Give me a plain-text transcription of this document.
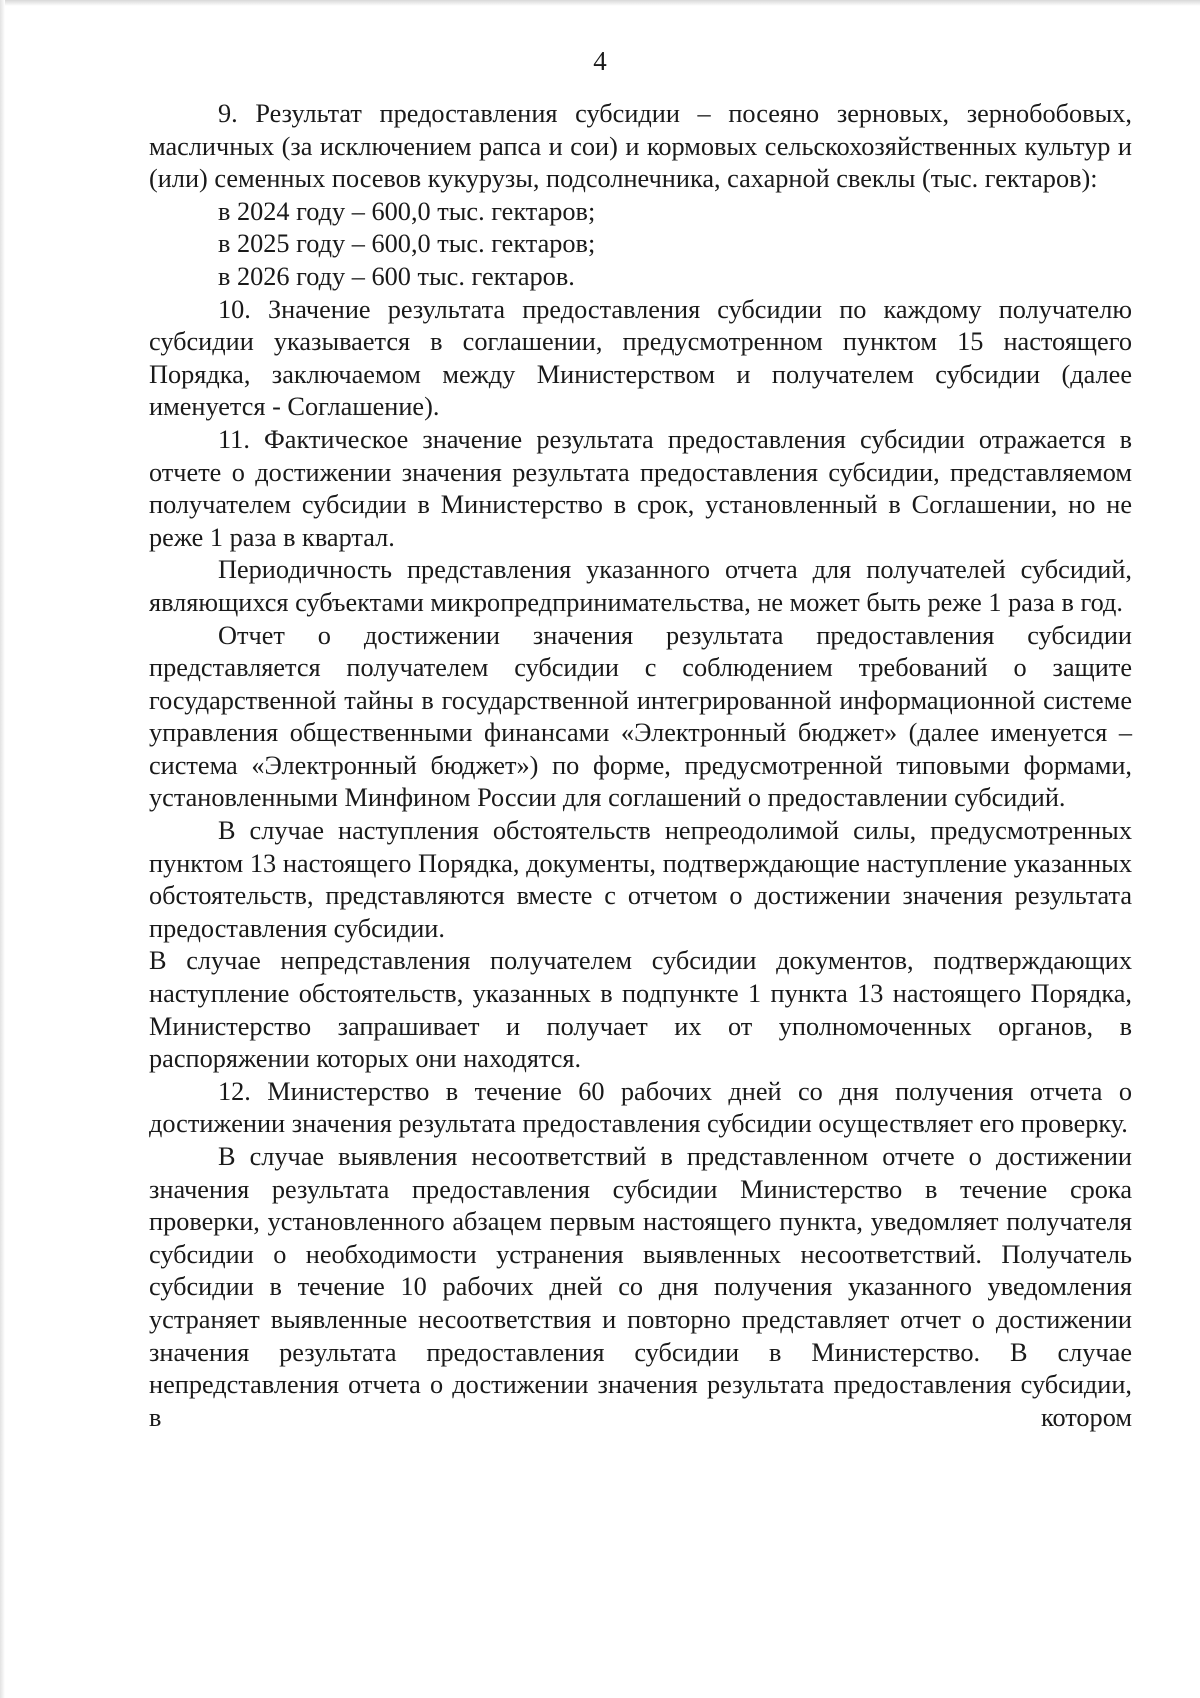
4

9. Результат предоставления субсидии – посеяно зерновых, зернобобовых, масличных (за исключением рапса и сои) и кормовых сельскохозяйственных культур и (или) семенных посевов кукурузы, подсолнечника, сахарной свеклы (тыс. гектаров):

в 2024 году – 600,0 тыс. гектаров;

в 2025 году – 600,0 тыс. гектаров;

в 2026 году – 600 тыс. гектаров.

10. Значение результата предоставления субсидии по каждому получателю субсидии указывается в соглашении, предусмотренном пунктом 15 настоящего Порядка, заключаемом между Министерством и получателем субсидии (далее именуется - Соглашение).

11. Фактическое значение результата предоставления субсидии отражается в отчете о достижении значения результата предоставления субсидии, представляемом получателем субсидии в Министерство в срок, установленный в Соглашении, но не реже 1 раза в квартал.

Периодичность представления указанного отчета для получателей субсидий, являющихся субъектами микропредпринимательства, не может быть реже 1 раза в год.

Отчет о достижении значения результата предоставления субсидии представляется получателем субсидии с соблюдением требований о защите государственной тайны в государственной интегрированной информационной системе управления общественными финансами «Электронный бюджет» (далее именуется – система «Электронный бюджет») по форме, предусмотренной типовыми формами, установленными Минфином России для соглашений о предоставлении субсидий.

В случае наступления обстоятельств непреодолимой силы, предусмотренных пунктом 13 настоящего Порядка, документы, подтверждающие наступление указанных обстоятельств, представляются вместе с отчетом о достижении значения результата предоставления субсидии.

В случае непредставления получателем субсидии документов, подтверждающих наступление обстоятельств, указанных в подпункте 1 пункта 13 настоящего Порядка, Министерство запрашивает и получает их от уполномоченных органов, в распоряжении которых они находятся.

12. Министерство в течение 60 рабочих дней со дня получения отчета о достижении значения результата предоставления субсидии осуществляет его проверку.

В случае выявления несоответствий в представленном отчете о достижении значения результата предоставления субсидии Министерство в течение срока проверки, установленного абзацем первым настоящего пункта, уведомляет получателя субсидии о необходимости устранения выявленных несоответствий. Получатель субсидии в течение 10 рабочих дней со дня получения указанного уведомления устраняет выявленные несоответствия и повторно представляет отчет о достижении значения результата предоставления субсидии в Министерство. В случае непредставления отчета о достижении значения результата предоставления субсидии, в котором
